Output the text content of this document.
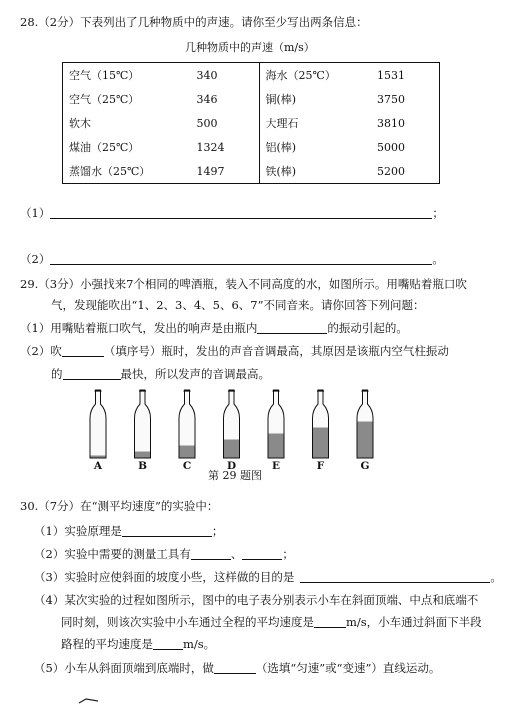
28.（2分）下表列出了几种物质中的声速。请你至少写出两条信息：
几种物质中的声速（m/s）
空气（15℃）	340	海水（25℃）	1531
空气（25℃）	346	铜(棒)	3750
软木	500	大理石	3810
煤油（25℃）	1324	铝(棒)	5000
蒸馏水（25℃）	1497	铁(棒)	5200
（1）	；
（2）	。
29.（3分）小强找来7个相同的啤酒瓶，装入不同高度的水，如图所示。用嘴贴着瓶口吹
气，发现能吹出“1、2、3、4、5、6、7”不同音来。请你回答下列问题：
（1）用嘴贴着瓶口吹气，发出的响声是由瓶内	的振动引起的。
（2）吹	（填序号）瓶时，发出的声音音调最高，其原因是该瓶内空气柱振动
的	最快，所以发声的音调最高。
A	B	C	D	E	F	G
第 29 题图
30.（7分）在“测平均速度”的实验中：
（1）实验原理是	；
（2）实验中需要的测量工具有	、	；
（3）实验时应使斜面的坡度小些，这样做的目的是	。
（4）某次实验的过程如图所示，图中的电子表分别表示小车在斜面顶端、中点和底端不
同时刻，则该次实验中小车通过全程的平均速度是	m/s，小车通过斜面下半段
路程的平均速度是	m/s。
（5）小车从斜面顶端到底端时，做	（选填“匀速”或“变速”）直线运动。
